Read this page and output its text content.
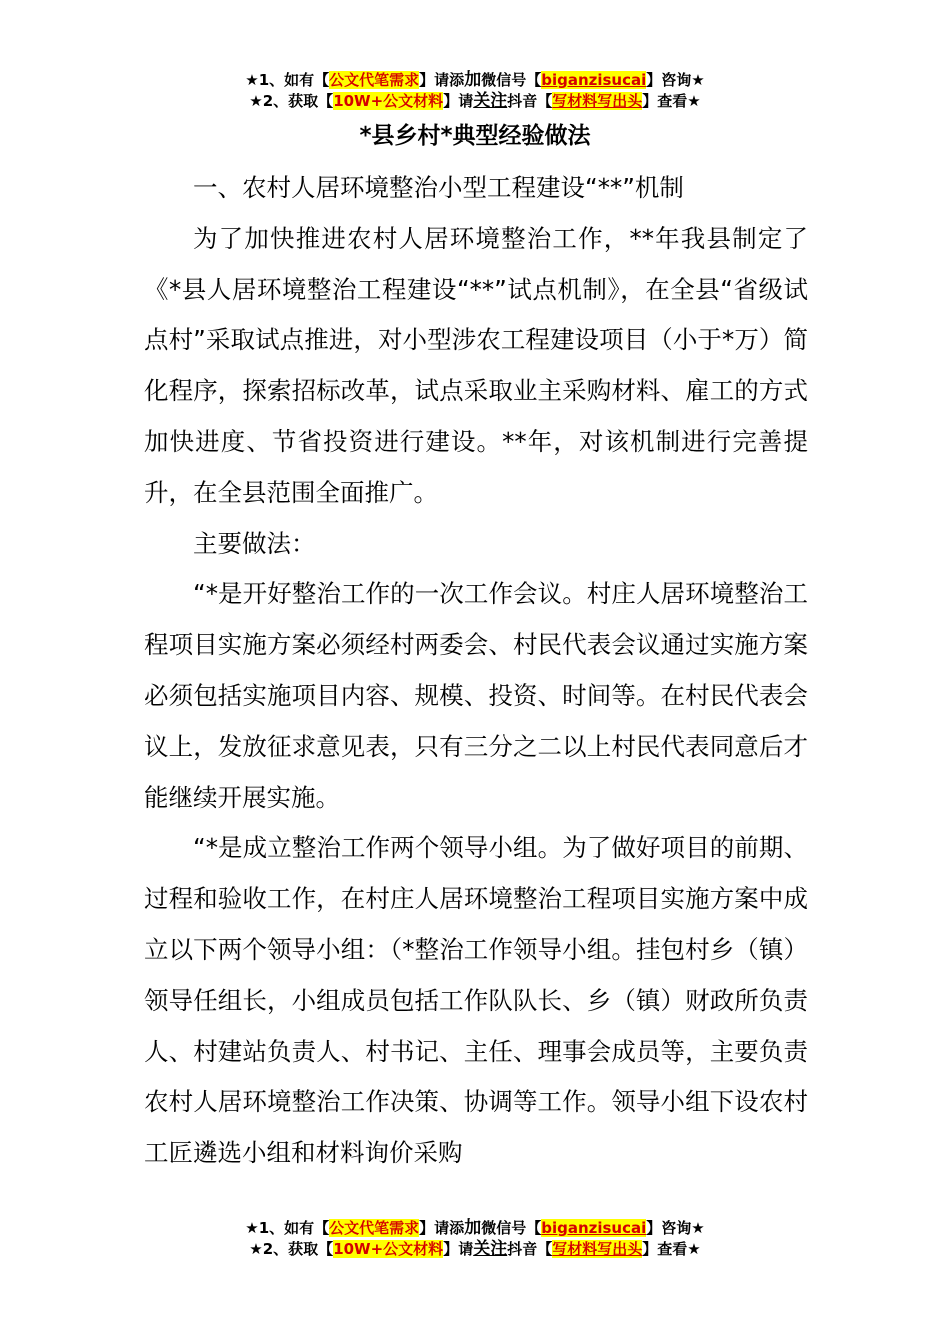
★1、如有【公文代笔需求】请添加微信号【biganzisucai】咨询★
★2、获取【10W+公文材料】请关注抖音【写材料写出头】查看★
*县乡村*典型经验做法

一、农村人居环境整治小型工程建设“**”机制

为了加快推进农村人居环境整治工作，**年我县制定了《*县人居环境整治工程建设“**”试点机制》，在全县“省级试点村”采取试点推进，对小型涉农工程建设项目（小于*万）简化程序，探索招标改革，试点采取业主采购材料、雇工的方式加快进度、节省投资进行建设。**年，对该机制进行完善提升，在全县范围全面推广。

主要做法：

“*是开好整治工作的一次工作会议。村庄人居环境整治工程项目实施方案必须经村两委会、村民代表会议通过实施方案必须包括实施项目内容、规模、投资、时间等。在村民代表会议上，发放征求意见表，只有三分之二以上村民代表同意后才能继续开展实施。

“*是成立整治工作两个领导小组。为了做好项目的前期、过程和验收工作，在村庄人居环境整治工程项目实施方案中成立以下两个领导小组：（*整治工作领导小组。挂包村乡（镇）领导任组长，小组成员包括工作队队长、乡（镇）财政所负责人、村建站负责人、村书记、主任、理事会成员等，主要负责农村人居环境整治工作决策、协调等工作。领导小组下设农村工匠遴选小组和材料询价采购

★1、如有【公文代笔需求】请添加微信号【biganzisucai】咨询★
★2、获取【10W+公文材料】请关注抖音【写材料写出头】查看★
